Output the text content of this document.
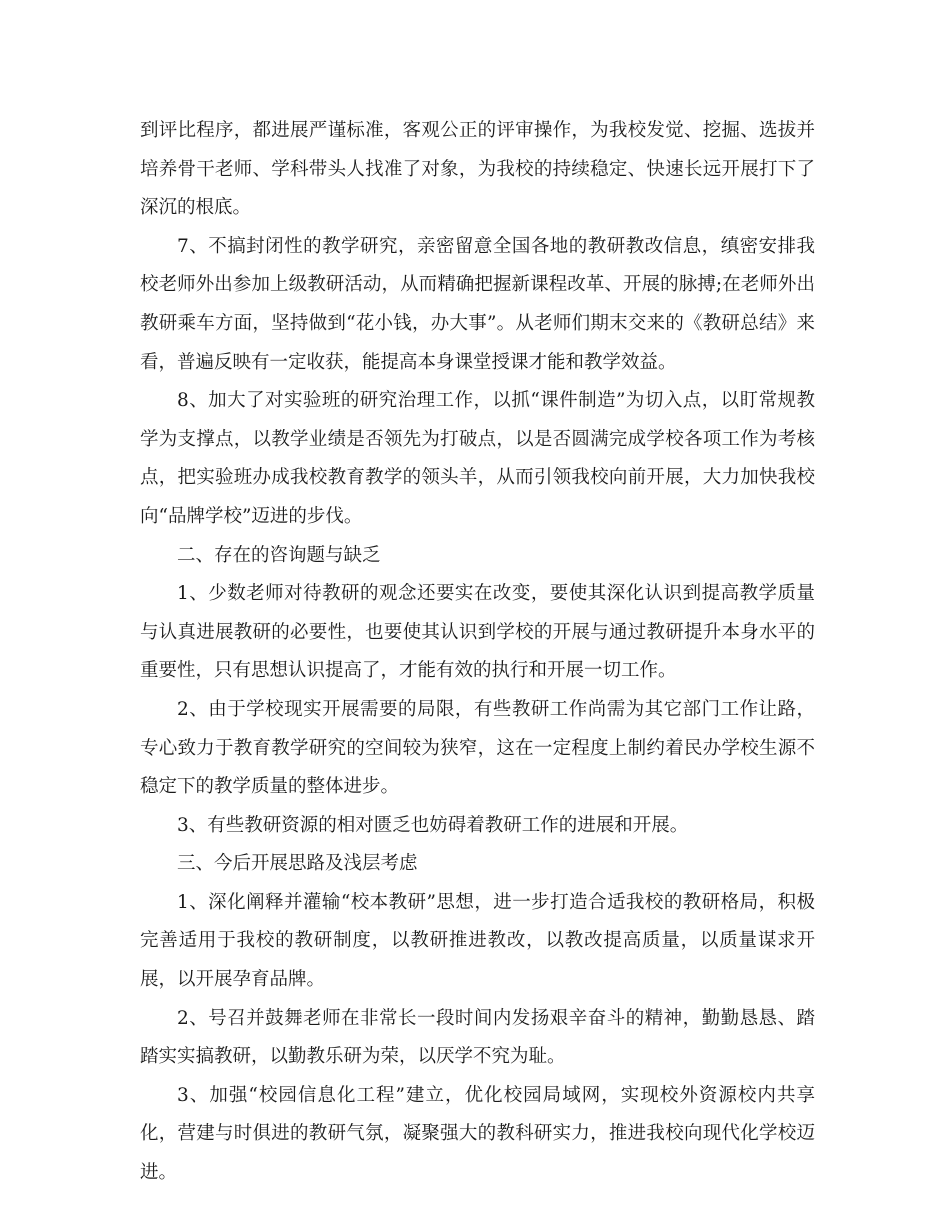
到评比程序，都进展严谨标准，客观公正的评审操作，为我校发觉、挖掘、选拔并培养骨干老师、学科带头人找准了对象，为我校的持续稳定、快速长远开展打下了深沉的根底。

7、不搞封闭性的教学研究，亲密留意全国各地的教研教改信息，缜密安排我校老师外出参加上级教研活动，从而精确把握新课程改革、开展的脉搏;在老师外出教研乘车方面，坚持做到“花小钱，办大事”。从老师们期末交来的《教研总结》来看，普遍反映有一定收获，能提高本身课堂授课才能和教学效益。

8、加大了对实验班的研究治理工作，以抓“课件制造”为切入点，以盯常规教学为支撑点，以教学业绩是否领先为打破点，以是否圆满完成学校各项工作为考核点，把实验班办成我校教育教学的领头羊，从而引领我校向前开展，大力加快我校向“品牌学校”迈进的步伐。

二、存在的咨询题与缺乏

1、少数老师对待教研的观念还要实在改变，要使其深化认识到提高教学质量与认真进展教研的必要性，也要使其认识到学校的开展与通过教研提升本身水平的重要性，只有思想认识提高了，才能有效的执行和开展一切工作。

2、由于学校现实开展需要的局限，有些教研工作尚需为其它部门工作让路，专心致力于教育教学研究的空间较为狭窄，这在一定程度上制约着民办学校生源不稳定下的教学质量的整体进步。

3、有些教研资源的相对匮乏也妨碍着教研工作的进展和开展。

三、今后开展思路及浅层考虑

1、深化阐释并灌输“校本教研”思想，进一步打造合适我校的教研格局，积极完善适用于我校的教研制度，以教研推进教改，以教改提高质量，以质量谋求开展，以开展孕育品牌。

2、号召并鼓舞老师在非常长一段时间内发扬艰辛奋斗的精神，勤勤恳恳、踏踏实实搞教研，以勤教乐研为荣，以厌学不究为耻。

3、加强“校园信息化工程”建立，优化校园局域网，实现校外资源校内共享化，营建与时俱进的教研气氛，凝聚强大的教科研实力，推进我校向现代化学校迈进。
